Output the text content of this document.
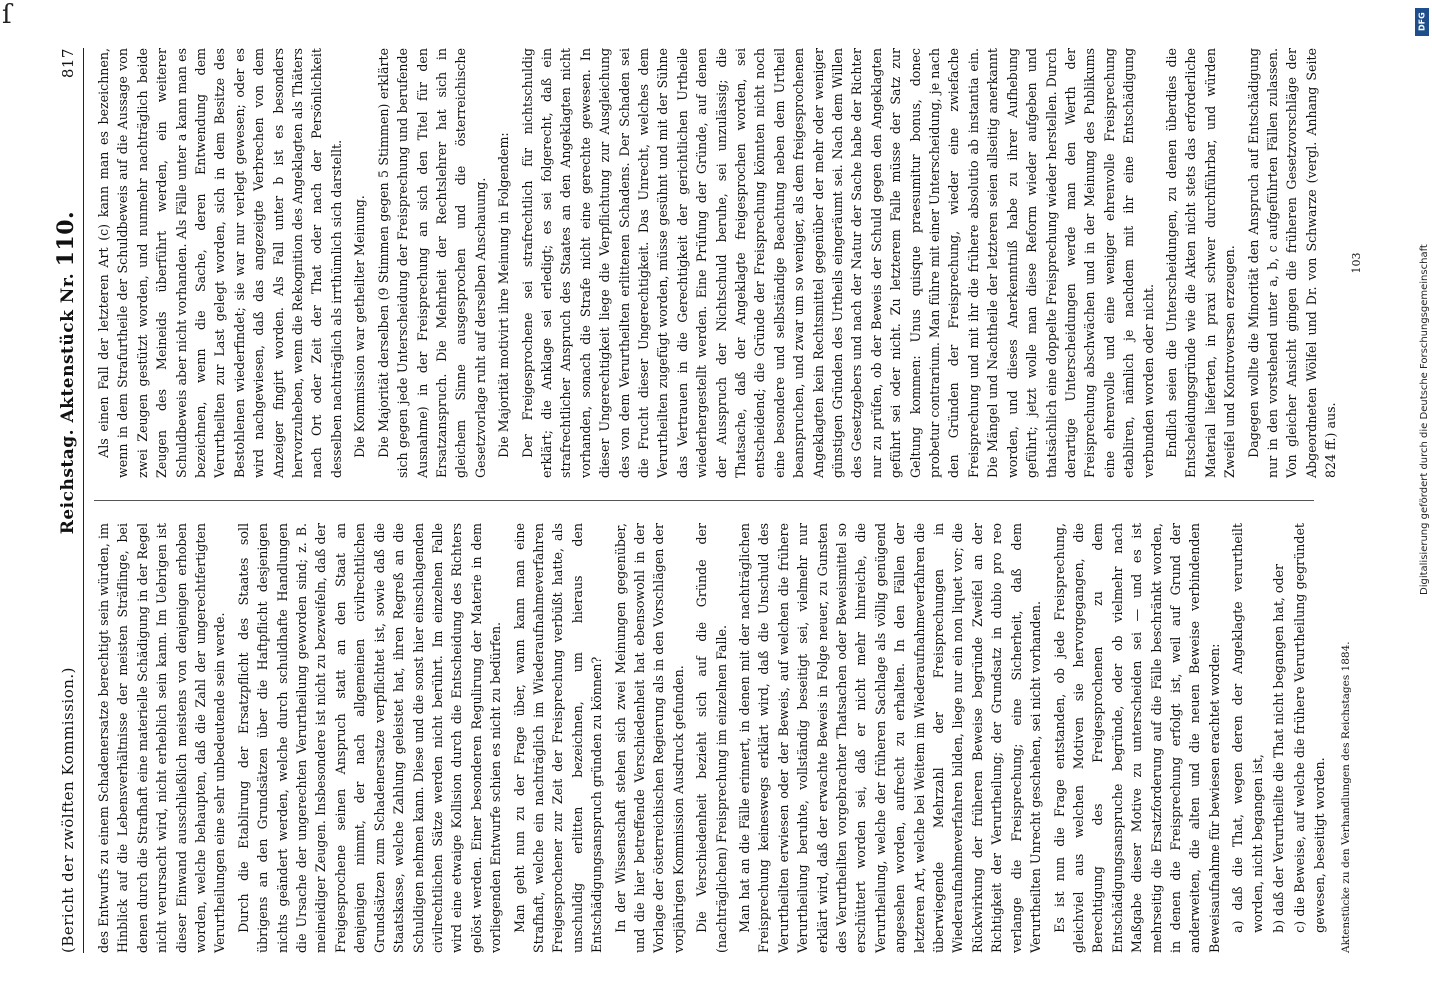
(Bericht der zwölften Kommission.)
Reichstag. Aktenstück Nr. 110.
817

des Entwurfs zu einem Schadenersatze berechtigt sein würden, im Hinblick auf die Lebensverhältnisse der meisten Sträflinge, bei denen durch die Strafhaft eine materielle Schädigung in der Regel nicht verursacht wird, nicht erheblich sein kann. Im Uebrigen ist dieser Einwand ausschließlich meistens von denjenigen erhoben worden, welche behaupten, daß die Zahl der ungerechtfertigten Verurtheilungen eine sehr unbedeutende sein werde. Durch die Etablirung der Ersatzpflicht des Staates soll übrigens an den Grundsätzen über die Haftpflicht desjenigen nichts geändert werden, welche durch schuldhafte Handlungen die Ursache der ungerechten Verurtheilung geworden sind; z. B. meineidiger Zeugen. Insbesondere ist nicht zu bezweifeln, daß der Freigesprochene seinen Anspruch statt an den Staat an denjenigen nimmt, der nach allgemeinen civilrechtlichen Grundsätzen zum Schadenersatze verpflichtet ist, sowie daß die Staatskasse, welche Zahlung geleistet hat, ihren Regreß an die Schuldigen nehmen kann. Diese und die sonst hier einschlagenden civilrechtlichen Sätze werden nicht berührt. Im einzelnen Falle wird eine etwaige Kollision durch die Entscheidung des Richters gelöst werden. Einer besonderen Regulirung der Materie in dem vorliegenden Entwurfe schien es nicht zu bedürfen. Man geht nun zu der Frage über, wann kann man eine Strafhaft, welche ein nachträglich im Wiederaufnahmeverfahren Freigesprochener zur Zeit der Freisprechung verbüßt hatte, als unschuldig erlitten bezeichnen, um hieraus den Entschädigungsanspruch gründen zu können? In der Wissenschaft stehen sich zwei Meinungen gegenüber, und die hier betreffende Verschiedenheit hat ebensowohl in der Vorlage der österreichischen Regierung als in den Vorschlägen der vorjährigen Kommission Ausdruck gefunden. Die Verschiedenheit bezieht sich auf die Gründe der (nachträglichen) Freisprechung im einzelnen Falle. Man hat an die Fälle erinnert, in denen mit der nachträglichen Freisprechung keineswegs erklärt wird, daß die Unschuld des Verurtheilten erwiesen oder der Beweis, auf welchen die frühere Verurtheilung beruhte, vollständig beseitigt sei, vielmehr nur erklärt wird, daß der erwachte Beweis in Folge neuer, zu Gunsten des Verurtheilten vorgebrachter Thatsachen oder Beweismittel so erschüttert worden sei, daß er nicht mehr hinreiche, die Verurtheilung, welche der früheren Sachlage als völlig genügend angesehen worden, aufrecht zu erhalten. In den Fällen der letzteren Art, welche bei Weitem im Wiederaufnahmeverfahren die überwiegende Mehrzahl der Freisprechungen in Wiederaufnahmeverfahren bilden, liege nur ein non liquet vor; die Rückwirkung der früheren Beweise begründe Zweifel an der Richtigkeit der Verurtheilung; der Grundsatz in dubio pro reo verlange die Freisprechung; eine Sicherheit, daß dem Verurtheilten Unrecht geschehen, sei nicht vorhanden. Es ist nun die Frage entstanden, ob jede Freisprechung, gleichviel aus welchen Motiven sie hervorgegangen, die Berechtigung des Freigesprochenen zu dem Entschädigungsanspruche begründe, oder ob vielmehr nach Maßgabe dieser Motive zu unterscheiden sei — und es ist mehrseitig die Ersatzforderung auf die Fälle beschränkt worden, in denen die Freisprechung erfolgt ist, weil auf Grund der anderweiten, die alten und die neuen Beweise verbindenden Beweisaufnahme für bewiesen erachtet worden: a) daß die That, wegen deren der Angeklagte verurtheilt worden, nicht begangen ist, b) daß der Verurtheilte die That nicht begangen hat, oder c) die Beweise, auf welche die frühere Verurtheilung gegründet gewesen, beseitigt worden. Aktenstücke zu den Verhandlungen des Reichstages 1884.

Als einen Fall der letzteren Art (c) kann man es bezeichnen, wenn in dem Strafurtheile der Schuldbeweis auf die Aussage von zwei Zeugen gestützt worden, und nunmehr nachträglich beide Zeugen des Meineids überführt werden, ein weiterer Schuldbeweis aber nicht vorhanden. Als Fälle unter a kann man es bezeichnen, wenn die Sache, deren Entwendung dem Verurtheilten zur Last gelegt worden, sich in dem Besitze des Bestohlenen wiederfindet; sie war nur verlegt gewesen; oder es wird nachgewiesen, daß das angezeigte Verbrechen von dem Anzeiger fingirt worden. Als Fall unter b ist es besonders hervorzuheben, wenn die Rekognition des Angeklagten als Thäters nach Ort oder Zeit der That oder nach der Persönlichkeit desselben nachträglich als irrthümlich sich darstellt. Die Kommission war getheilter Meinung. Die Majorität derselben (9 Stimmen gegen 5 Stimmen) erklärte sich gegen jede Unterscheidung der Freisprechung und berufende Ausnahme) in der Freisprechung an sich den Titel für den Ersatzanspruch. Die Mehrheit der Rechtslehrer hat sich in gleichem Sinne ausgesprochen und die österreichische Gesetzvorlage ruht auf derselben Anschauung. Die Majorität motivirt ihre Meinung in Folgendem: Der Freigesprochene sei strafrechtlich für nichtschuldig erklärt; die Anklage sei erledigt; es sei folgerecht, daß ein strafrechtlicher Anspruch des Staates an den Angeklagten nicht vorhanden, sonach die Strafe nicht eine gerechte gewesen. In dieser Ungerechtigkeit liege die Verpflichtung zur Ausgleichung des von dem Verurtheilten erlittenen Schadens. Der Schaden sei die Frucht dieser Ungerechtigkeit. Das Unrecht, welches dem Verurtheilten zugefügt worden, müsse gesühnt und mit der Sühne das Vertrauen in die Gerechtigkeit der gerichtlichen Urtheile wiederhergestellt werden. Eine Prüfung der Gründe, auf denen der Ausspruch der Nichtschuld beruhe, sei unzulässig; die Thatsache, daß der Angeklagte freigesprochen worden, sei entscheidend; die Gründe der Freisprechung könnten nicht noch eine besondere und selbständige Beachtung neben dem Urtheil beanspruchen, und zwar um so weniger, als dem freigesprochenen Angeklagten kein Rechtsmittel gegenüber der mehr oder weniger günstigen Gründen des Urtheils eingeräumt sei. Nach dem Willen des Gesetzgebers und nach der Natur der Sache habe der Richter nur zu prüfen, ob der Beweis der Schuld gegen den Angeklagten geführt sei oder nicht. Zu letzterem Falle müsse der Satz zur Geltung kommen: Unus quisque praesumitur bonus, donec probetur contrarium. Man führe mit einer Unterscheidung, je nach den Gründen der Freisprechung, wieder eine zwiefache Freisprechung und mit ihr die frühere absolutio ab instantia ein. Die Mängel und Nachtheile der letzteren seien allseitig anerkannt worden, und dieses Anerkenntniß habe zu ihrer Aufhebung geführt; jetzt wolle man diese Reform wieder aufgeben und thatsächlich eine doppelte Freisprechung wieder herstellen. Durch derartige Unterscheidungen werde man den Werth der Freisprechung abschwächen und in der Meinung des Publikums eine ehrenvolle und eine weniger ehrenvolle Freisprechung etabliren, nämlich je nachdem mit ihr eine Entschädigung verbunden worden oder nicht. Endlich seien die Unterscheidungen, zu denen überdies die Entscheidungsgründe wie die Akten nicht stets das erforderliche Material lieferten, in praxi schwer durchführbar, und würden Zweifel und Kontroversen erzeugen. Dagegen wollte die Minorität den Anspruch auf Entschädigung nur in den vorstehend unter a, b, c aufgeführten Fällen zulassen. Von gleicher Ansicht gingen die früheren Gesetzvorschläge der Abgeordneten Wölfel und Dr. von Schwarze (vergl. Anhang Seite 824 ff.) aus.

103
ſ	DFG
Digitalisierung gefördert durch die Deutsche Forschungsgemeinschaft
